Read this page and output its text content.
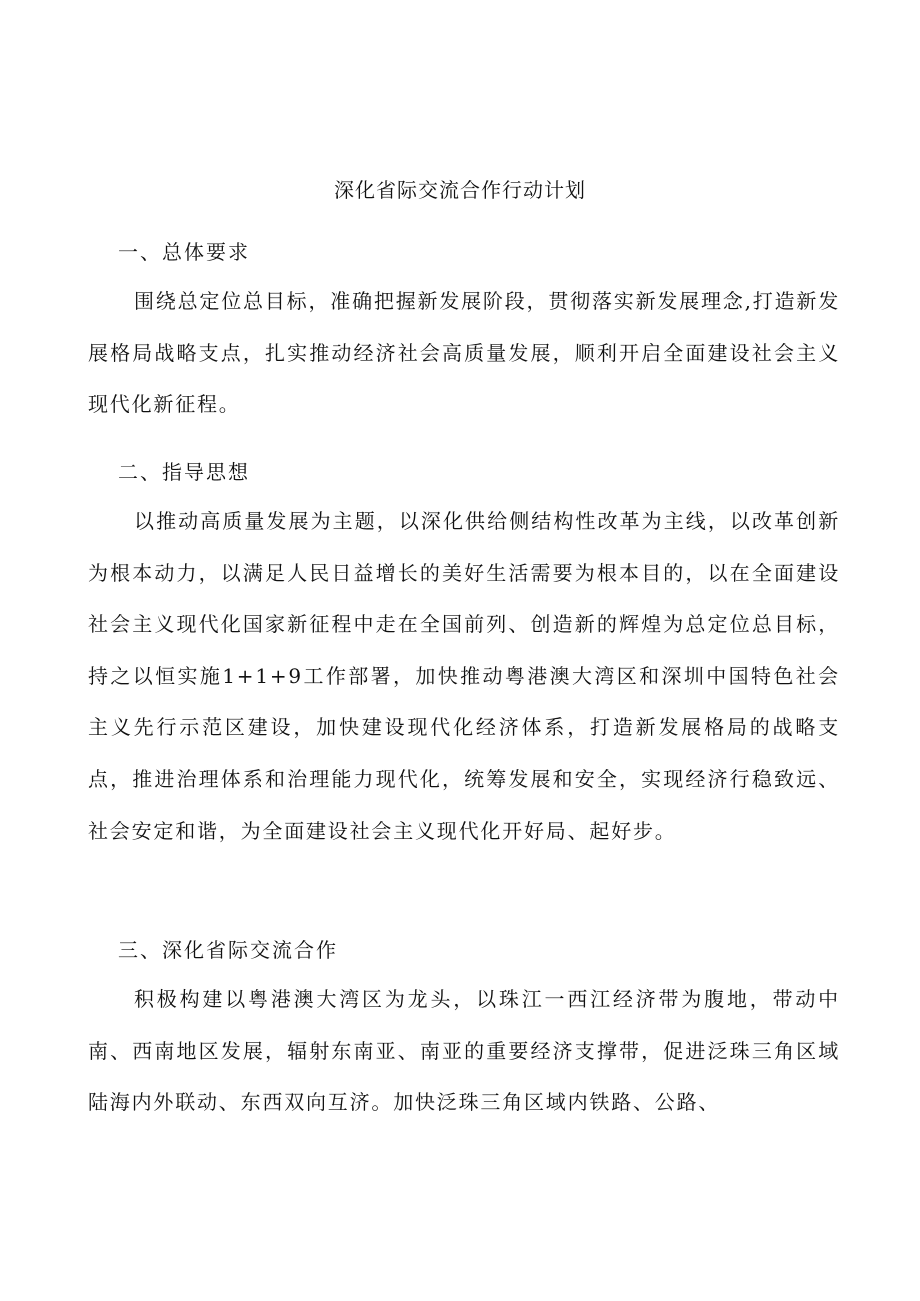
深化省际交流合作行动计划
一、总体要求

围绕总定位总目标，准确把握新发展阶段，贯彻落实新发展理念,打造新发展格局战略支点，扎实推动经济社会高质量发展，顺利开启全面建设社会主义现代化新征程。

二、指导思想

以推动高质量发展为主题，以深化供给侧结构性改革为主线，以改革创新为根本动力，以满足人民日益增长的美好生活需要为根本目的，以在全面建设社会主义现代化国家新征程中走在全国前列、创造新的辉煌为总定位总目标，持之以恒实施1+1+9工作部署，加快推动粤港澳大湾区和深圳中国特色社会主义先行示范区建设，加快建设现代化经济体系，打造新发展格局的战略支点，推进治理体系和治理能力现代化，统筹发展和安全，实现经济行稳致远、社会安定和谐，为全面建设社会主义现代化开好局、起好步。

三、深化省际交流合作

积极构建以粤港澳大湾区为龙头，以珠江一西江经济带为腹地，带动中南、西南地区发展，辐射东南亚、南亚的重要经济支撑带，促进泛珠三角区域陆海内外联动、东西双向互济。加快泛珠三角区域内铁路、公路、
